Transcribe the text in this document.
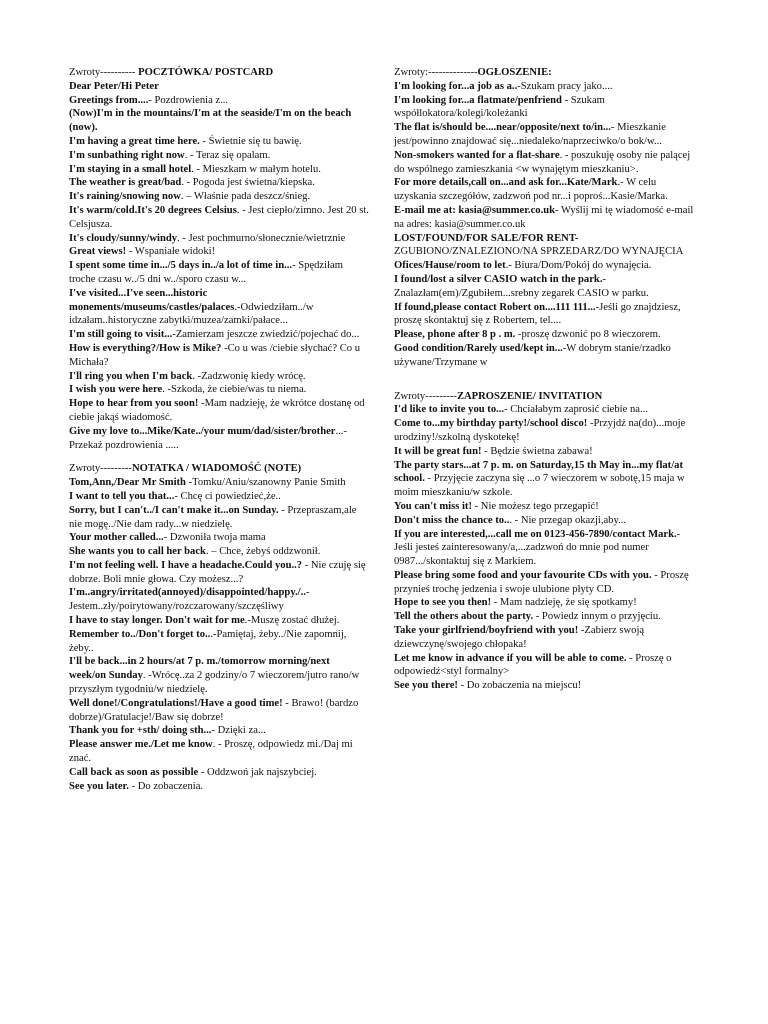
Zwroty---------- POCZTÓWKA/ POSTCARD
Dear Peter/Hi Peter
Greetings from....- Pozdrowienia z...
(Now)I'm in the mountains/I'm at the seaside/I'm on the beach (now).
I'm having a great time here. - Świetnie się tu bawię.
I'm sunbathing right now. - Teraz się opalam.
I'm staying in a small hotel. - Mieszkam w małym hotelu.
The weather is great/bad. - Pogoda jest świetna/kiepska.
It's raining/snowing now. – Właśnie pada deszcz/śnieg.
It's warm/cold.It's 20 degrees Celsius. - Jest ciepło/zimno. Jest 20 st. Celsjusza.
It's cloudy/sunny/windy. - Jest pochmurno/słonecznie/wietrznie
Great views! - Wspaniałe widoki!
I spent some time in.../5 days in../a lot of time in...- Spędziłam troche czasu w../5 dni w../sporo czasu w...
I've visited...I've seen...historic monements/museums/castles/palaces.-Odwiedziłam../w idzałam..historyczne zabytki/muzea/zamki/pałace...
I'm still going to visit...-Zamierzam jeszcze zwiedzić/pojechać do...
How is everything?/How is Mike? -Co u was /ciebie słychać? Co u Michała?
I'll ring you when I'm back. -Zadzwonię kiedy wrócę.
I wish you were here. -Szkoda, że ciebie/was tu niema.
Hope to hear from you soon! -Mam nadzieję, że wkrótce dostanę od ciebie jakąś wiadomość.
Give my love to...Mike/Kate../your mum/dad/sister/brother...- Przekaż pozdrowienia .....
Zwroty---------NOTATKA / WIADOMOŚĆ (NOTE)
Tom,Ann,/Dear Mr Smith -Tomku/Aniu/szanowny Panie Smith
I want to tell you that...- Chcę ci powiedzieć,że..
Sorry, but I can't../I can't make it...on Sunday. - Przepraszam,ale nie mogę../Nie dam rady...w niedzielę.
Your mother called...- Dzwoniła twoja mama
She wants you to call her back. – Chce, żebyś oddzwonił.
I'm not feeling well. I have a headache.Could you..? - Nie czuję się dobrze. Boli mnie głowa. Czy możesz...?
I'm..angry/irritated(annoyed)/disappointed/happy./..- Jestem..zły/poirytowany/rozczarowany/szczęśliwy
I have to stay longer. Don't wait for me.-Muszę zostać dłużej.
Remember to../Don't forget to...-Pamiętaj, żeby../Nie zapomnij, żeby..
I'll be back...in 2 hours/at 7 p. m./tomorrow morning/next week/on Sunday. -Wrócę..za 2 godziny/o 7 wieczorem/jutro rano/w przyszłym tygodniu/w niedzielę.
Well done!/Congratulations!/Have a good time! - Brawo! (bardzo dobrze)/Gratulacje!/Baw się dobrze!
Thank you for +sth/ doing sth...- Dzięki za...
Please answer me./Let me know. - Proszę, odpowiedz mi./Daj mi znać.
Call back as soon as possible - Oddzwoń jak najszybciej.
See you later. - Do zobaczenia.
Zwroty:--------------OGŁOSZENIE:
I'm looking for...a job as a..-Szukam pracy jako....
I'm looking for...a flatmate/penfriend - Szukam współlokatora/kolegi/koleżanki
The flat is/should be....near/opposite/next to/in...- Mieszkanie jest/powinno znajdować się...niedaleko/naprzeciwko/o bok/w...
Non-smokers wanted for a flat-share. - poszukuję osoby nie palącej do wspólnego zamieszkania <w wynajętym mieszkaniu>.
For more details,call on...and ask for...Kate/Mark.- W celu uzyskania szczegółów, zadzwoń pod nr...i poproś...Kasie/Marka.
E-mail me at: kasia@summer.co.uk- Wyślij mi tę wiadomość e-mail na adres: kasia@summer.co.uk
LOST/FOUND/FOR SALE/FOR RENT-ZGUBIONO/ZNALEZIONO/NA SPRZEDARZ/DO WYNAJĘCIA
Ofices/Hause/room to let.- Biura/Dom/Pokój do wynajęcia.
I found/lost a silver CASIO watch in the park.- Znalazłam(em)/Zgubiłem...srebny zegarek CASIO w parku.
If found,please contact Robert on....111 111...-Jeśli go znajdziesz, proszę skontaktuj się z Robertem, tel....
Please, phone after 8 p . m. -proszę dzwonić po 8 wieczorem.
Good condition/Rarely used/kept in...-W dobrym stanie/rzadko używane/Trzymane w
Zwroty---------ZAPROSZENIE/ INVITATION
I'd like to invite you to...- Chciałabym zaprosić ciebie na...
Come to...my birthday party!/school disco! -Przyjdź na(do)...moje urodziny!/szkolną dyskotekę!
It will be great fun! - Będzie świetna zabawa!
The party stars...at 7 p. m. on Saturday,15 th May in...my flat/at school. - Przyjęcie zaczyna się ...o 7 wieczorem w sobotę,15 maja w moim mieszkaniu/w szkole.
You can't miss it! - Nie możesz tego przegapić!
Don't miss the chance to... - Nie przegap okazji,aby...
If you are interested,...call me on 0123-456-7890/contact Mark.- Jeśli jesteś zainteresowany/a,...zadzwoń do mnie pod numer 0987.../skontaktuj się z Markiem.
Please bring some food and your favourite CDs with you. - Proszę przynieś trochę jedzenia i swoje ulubione płyty CD.
Hope to see you then! - Mam nadzieję, że się spotkamy!
Tell the others about the party. - Powiedz innym o przyjęciu.
Take your girlfriend/boyfriend with you! -Zabierz swoją dziewczynę/swojego chłopaka!
Let me know in advance if you will be able to come. - Proszę o odpowiedź<styl formalny>
See you there! - Do zobaczenia na miejscu!
